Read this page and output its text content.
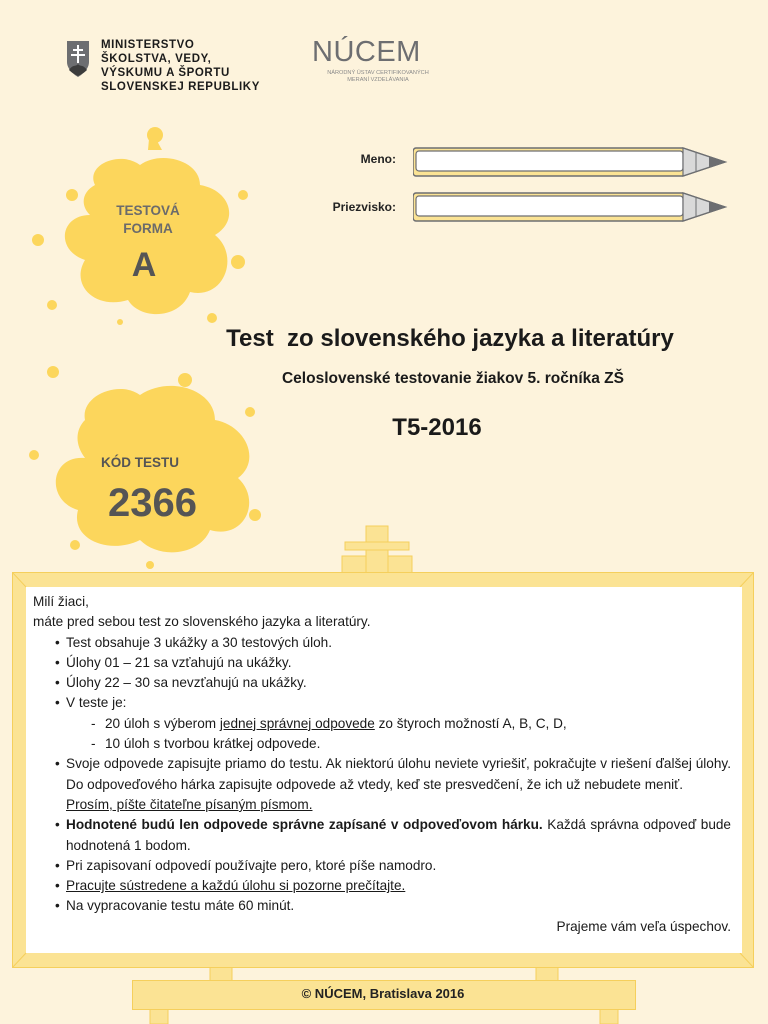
MINISTERSTVO
ŠKOLSTVA, VEDY,
VÝSKUMU A ŠPORTU
SLOVENSKEJ REPUBLIKY
NÚCEM
NÁRODNÝ ÚSTAV CERTIFIKOVANÝCH
MERANÍ VZDELÁVANIA
TESTOVÁ
FORMA
A
KÓD TESTU
2366
Meno:
Priezvisko:
Test  zo slovenského jazyka a literatúry
Celoslovenské testovanie žiakov 5. ročníka ZŠ
T5-2016

Milí žiaci,

máte pred sebou test zo slovenského jazyka a literatúry.

• Test obsahuje 3 ukážky a 30 testových úloh.
• Úlohy 01 – 21 sa vzťahujú na ukážky.
• Úlohy 22 – 30 sa nevzťahujú na ukážky.
• V teste je:
- 20 úloh s výberom jednej správnej odpovede zo štyroch možností A, B, C, D,
- 10 úloh s tvorbou krátkej odpovede.
• Svoje odpovede zapisujte priamo do testu. Ak niektorú úlohu neviete vyriešiť, pokračujte v riešení ďalšej úlohy. Do odpoveďového hárka zapisujte odpovede až vtedy, keď ste presvedčení, že ich už nebudete meniť.
Prosím, píšte čitateľne písaným písmom.
• Hodnotené budú len odpovede správne zapísané v odpoveďovom hárku. Každá správna odpoveď bude hodnotená 1 bodom.
• Pri zapisovaní odpovedí používajte pero, ktoré píše namodro.
• Pracujte sústredene a každú úlohu si pozorne prečítajte.
• Na vypracovanie testu máte 60 minút.

Prajeme vám veľa úspechov.

© NÚCEM, Bratislava 2016
